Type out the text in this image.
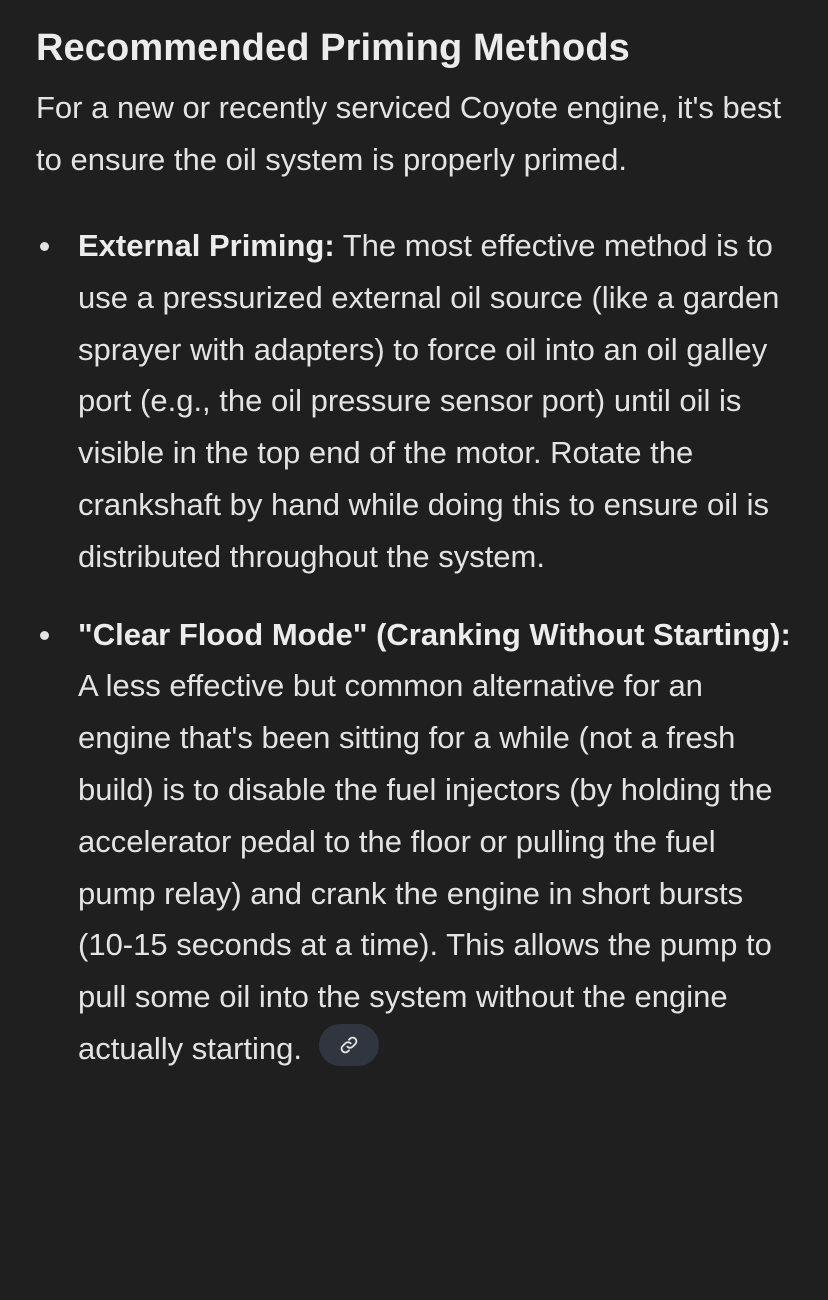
Recommended Priming Methods

For a new or recently serviced Coyote engine, it's best to ensure the oil system is properly primed.

External Priming: The most effective method is to use a pressurized external oil source (like a garden sprayer with adapters) to force oil into an oil galley port (e.g., the oil pressure sensor port) until oil is visible in the top end of the motor. Rotate the crankshaft by hand while doing this to ensure oil is distributed throughout the system.
"Clear Flood Mode" (Cranking Without Starting): A less effective but common alternative for an engine that's been sitting for a while (not a fresh build) is to disable the fuel injectors (by holding the accelerator pedal to the floor or pulling the fuel pump relay) and crank the engine in short bursts (10-15 seconds at a time). This allows the pump to pull some oil into the system without the engine actually starting.
